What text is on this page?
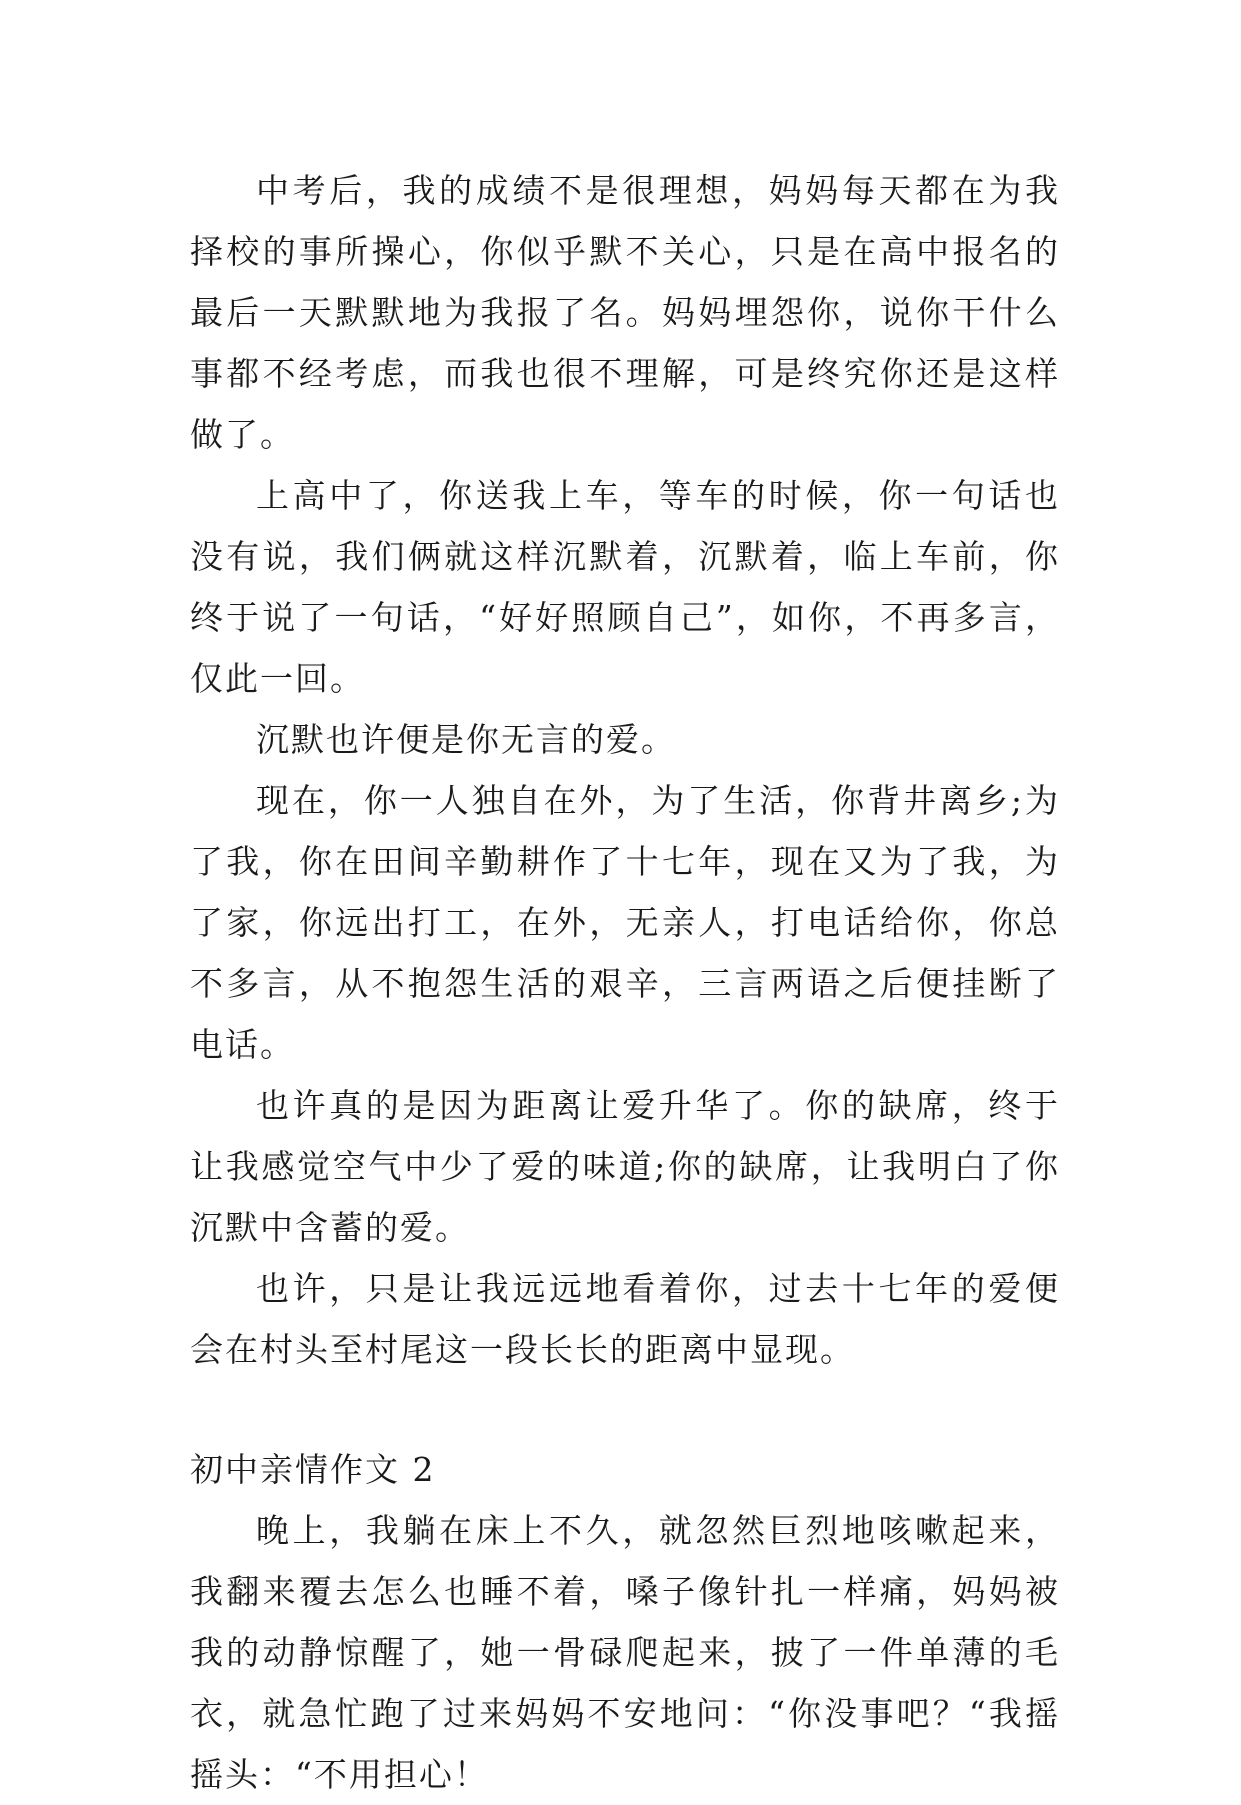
中考后，我的成绩不是很理想，妈妈每天都在为我择校的事所操心，你似乎默不关心，只是在高中报名的最后一天默默地为我报了名。妈妈埋怨你，说你干什么事都不经考虑，而我也很不理解，可是终究你还是这样做了。

上高中了，你送我上车，等车的时候，你一句话也没有说，我们俩就这样沉默着，沉默着，临上车前，你终于说了一句话，“好好照顾自己”，如你，不再多言，仅此一回。

沉默也许便是你无言的爱。

现在，你一人独自在外，为了生活，你背井离乡;为了我，你在田间辛勤耕作了十七年，现在又为了我，为了家，你远出打工，在外，无亲人，打电话给你，你总不多言，从不抱怨生活的艰辛，三言两语之后便挂断了电话。

也许真的是因为距离让爱升华了。你的缺席，终于让我感觉空气中少了爱的味道;你的缺席，让我明白了你沉默中含蓄的爱。

也许，只是让我远远地看着你，过去十七年的爱便会在村头至村尾这一段长长的距离中显现。

初中亲情作文 2

晚上，我躺在床上不久，就忽然巨烈地咳嗽起来，我翻来覆去怎么也睡不着，嗓子像针扎一样痛，妈妈被我的动静惊醒了，她一骨碌爬起来，披了一件单薄的毛衣，就急忙跑了过来妈妈不安地问：“你没事吧？“我摇摇头：“不用担心！
